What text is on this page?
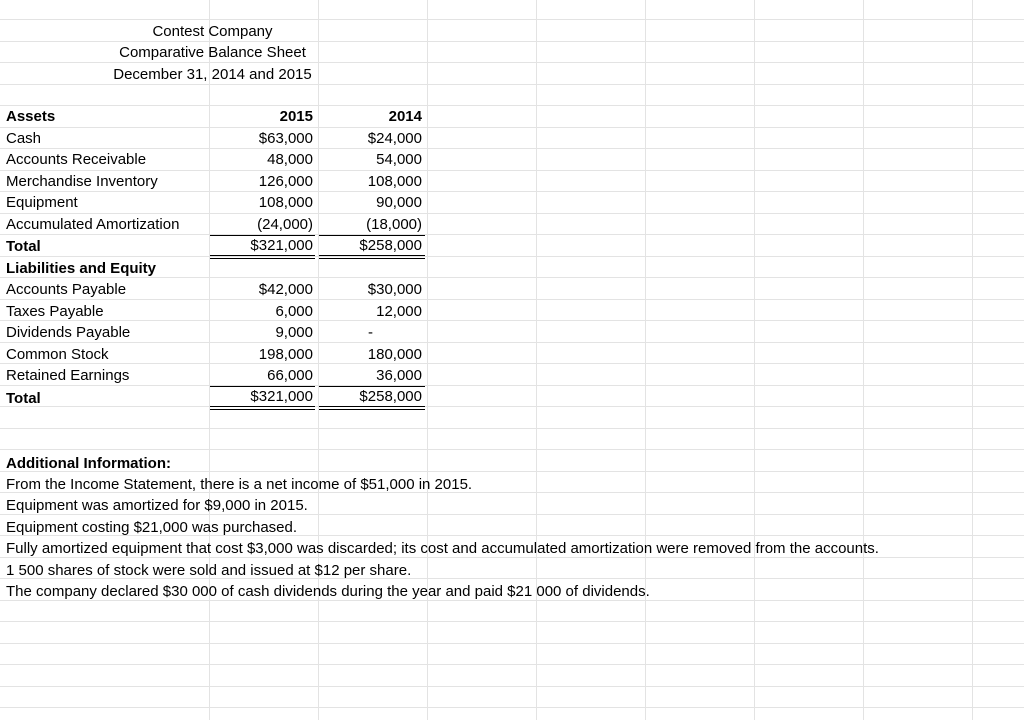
Contest Company
Comparative Balance Sheet
December 31, 2014 and 2015
Assets	2015	2014
Cash	$63,000	$24,000
Accounts Receivable	48,000	54,000
Merchandise Inventory	126,000	108,000
Equipment	108,000	90,000
Accumulated Amortization	(24,000)	(18,000)
Total	$321,000	$258,000
Liabilities and Equity
Accounts Payable	$42,000	$30,000
Taxes Payable	6,000	12,000
Dividends Payable	9,000	-
Common Stock	198,000	180,000
Retained Earnings	66,000	36,000
Total	$321,000	$258,000
Additional Information:
From the Income Statement, there is a net income of $51,000 in 2015.
Equipment was amortized for $9,000 in 2015.
Equipment costing $21,000 was purchased.
Fully amortized equipment that cost $3,000 was discarded; its cost and accumulated amortization were removed from the accounts.
1 500 shares of stock were sold and issued at $12 per share.
The company declared $30 000 of cash dividends during the year and paid $21 000 of dividends.
